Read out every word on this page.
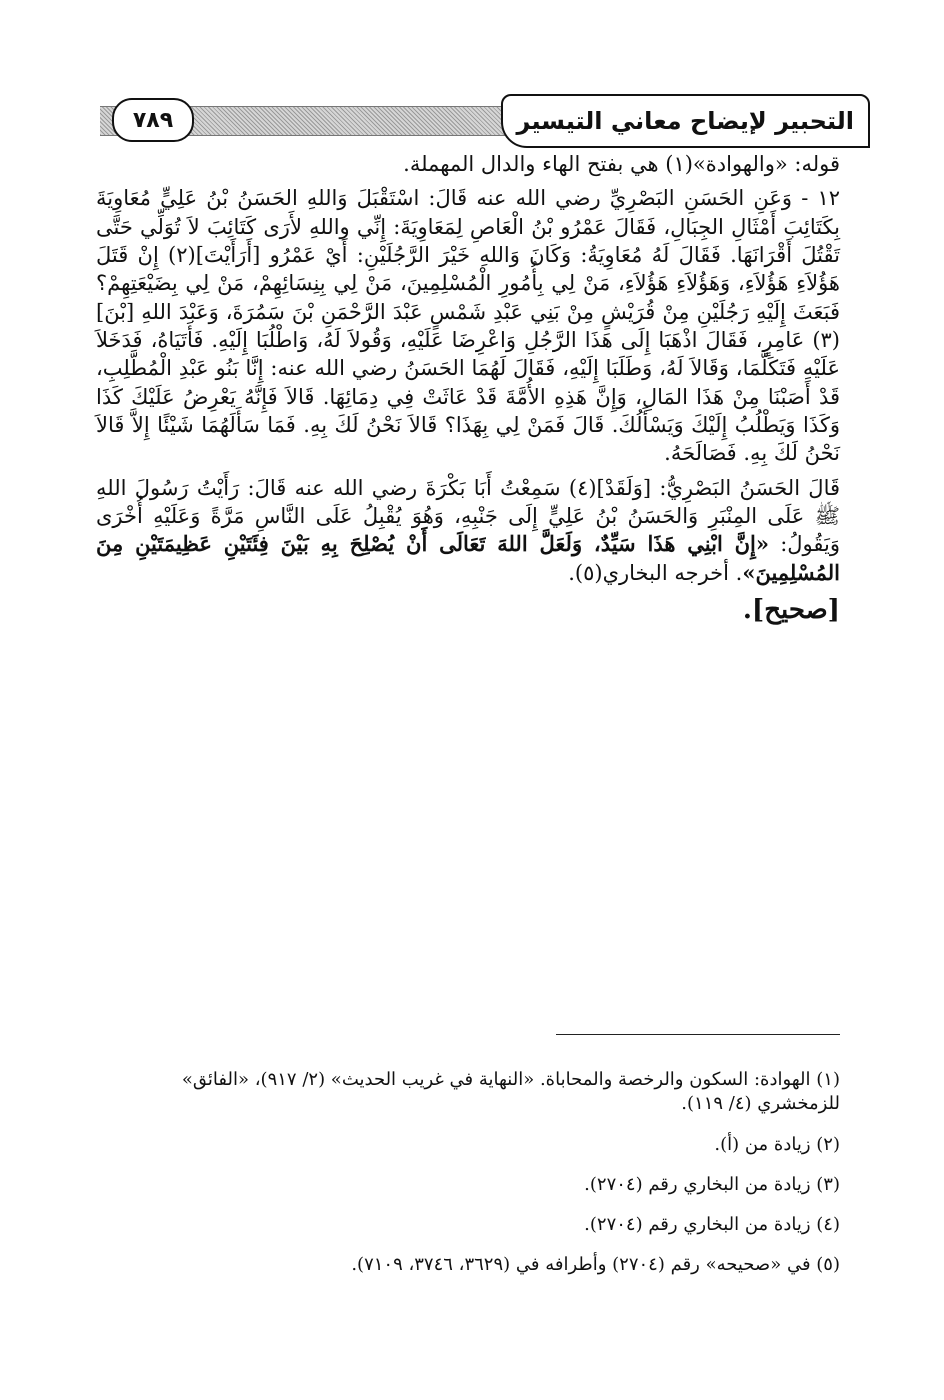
٧٨٩	التحبير لإيضاح معاني التيسير

قوله: «والهوادة»(١) هي بفتح الهاء والدال المهملة.

١٢ - وَعَنِ الحَسَنِ البَصْرِيِّ رضي الله عنه قَالَ: اسْتَقْبَلَ وَاللهِ الحَسَنُ بْنُ عَلِيٍّ مُعَاوِيَةَ بِكَتَائِبَ أَمْثَالِ الجِبَالِ، فَقَالَ عَمْرُو بْنُ الْعَاصِ لِمَعَاوِيَةَ: إِنِّي واللهِ لأَرَى كَتَائِبَ لاَ تُوَلِّي حَتَّى تَقْتُلَ أَقْرَانَهَا. فَقَالَ لَهُ مُعَاوِيَةُ: وَكَانَ وَاللهِ خَيْرَ الرَّجُلَيْنِ: أَيْ عَمْرُو [أَرَأَيْتَ](٢) إِنْ قَتَلَ هَؤُلاَءِ هَؤُلاَءِ، وَهَؤُلاَءِ هَؤُلاَءِ، مَنْ لِي بِأُمُورِ الْمُسْلِمِينَ، مَنْ لِي بِنِسَائِهِمْ، مَنْ لِي بِضَيْعَتِهِمْ؟ فَبَعَثَ إِلَيْهِ رَجُلَيْنِ مِنْ قُرَيْشٍ مِنْ بَنِي عَبْدِ شَمْسٍ عَبْدَ الرَّحْمَنِ بْنَ سَمُرَةَ، وَعَبْدَ اللهِ [بْنَ](٣) عَامِرٍ، فَقَالَ اذْهَبَا إِلَى هَذَا الرَّجُلِ وَاعْرِضَا عَلَيْهِ، وَقُولاَ لَهُ، وَاطْلُبَا إِلَيْهِ. فَأَتَيَاهُ، فَدَخَلاَ عَلَيْهِ فَتَكَلَّمَا، وَقَالاَ لَهُ، وَطَلَبَا إِلَيْهِ، فَقَالَ لَهُمَا الحَسَنُ رضي الله عنه: إِنَّا بَنُو عَبْدِ الْمُطَّلِبِ، قَدْ أَصَبْنَا مِنْ هَذَا المَالِ، وَإِنَّ هَذِهِ الأُمَّةَ قَدْ عَاثَتْ فِي دِمَائِهَا. قَالاَ فَإِنَّهُ يَعْرِضُ عَلَيْكَ كَذَا وَكَذَا وَيَطْلُبُ إِلَيْكَ وَيَسْأَلُكَ. قَالَ فَمَنْ لِي بِهَذَا؟ قَالاَ نَحْنُ لَكَ بِهِ. فَمَا سَأَلَهُمَا شَيْئًا إِلاَّ قَالاَ نَحْنُ لَكَ بِهِ. فَصَالَحَهُ.

قَالَ الحَسَنُ البَصْرِيُّ: [وَلَقَدْ](٤) سَمِعْتُ أَبَا بَكْرَةَ رضي الله عنه قَالَ: رَأَيْتُ رَسُولَ اللهِ ﷺ عَلَى المِنْبَرِ وَالحَسَنُ بْنُ عَلِيٍّ إِلَى جَنْبِهِ، وَهُوَ يُقْبِلُ عَلَى النَّاسِ مَرَّةً وَعَلَيْهِ أُخْرَى وَيَقُولُ: «إِنَّ ابْنِي هَذَا سَيِّدٌ، وَلَعَلَّ اللهَ تَعَالَى أَنْ يُصْلِحَ بِهِ بَيْنَ فِئَتَيْنِ عَظِيمَتَيْنِ مِنَ المُسْلِمِينَ». أخرجه البخاري(٥).

[صحيح].

(١) الهوادة: السكون والرخصة والمحاباة. «النهاية في غريب الحديث» (٢/ ٩١٧)، «الفائق» للزمخشري (٤/ ١١٩).

(٢) زيادة من (أ).

(٣) زيادة من البخاري رقم (٢٧٠٤).

(٤) زيادة من البخاري رقم (٢٧٠٤).

(٥) في «صحيحه» رقم (٢٧٠٤) وأطرافه في (٣٦٢٩، ٣٧٤٦، ٧١٠٩).
